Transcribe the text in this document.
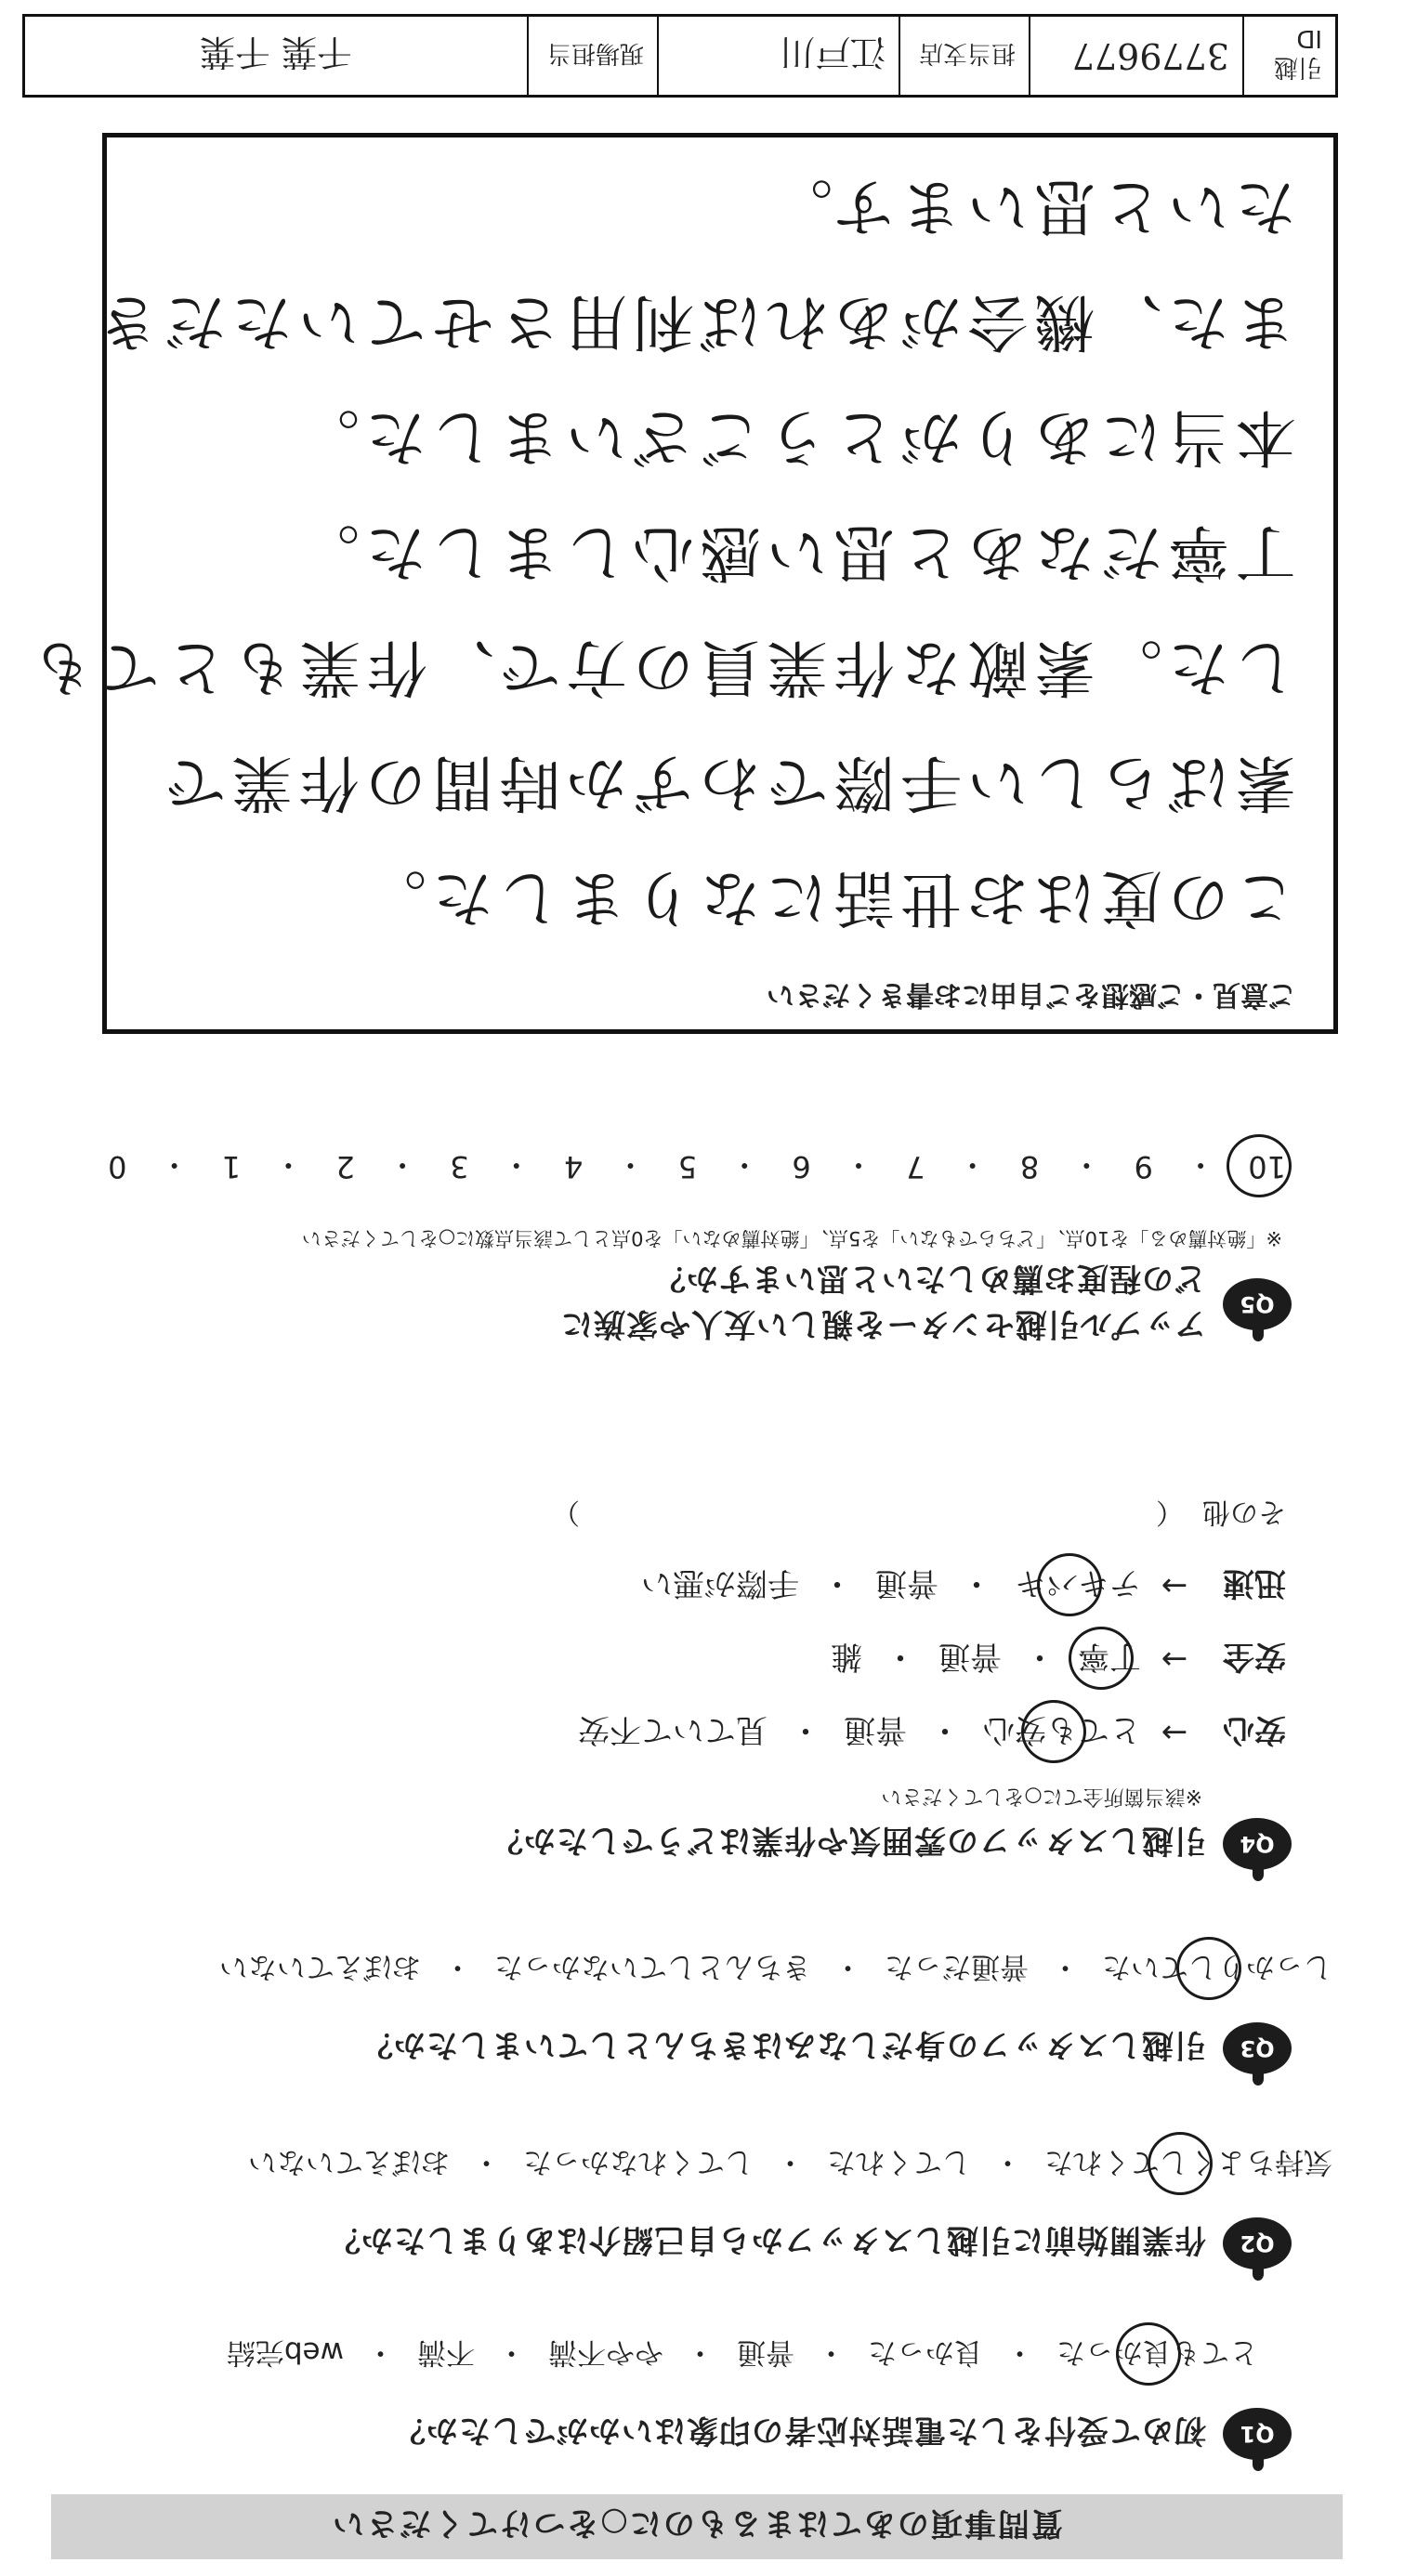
質問事項のあてはまるものに○をつけてください
Q1
初めて受付をした電話対応者の印象はいかがでしたか？
とても良かった
・
良かった
・
普通
・
やや不満
・
不満
・
web完結
Q2
作業開始前に引越しスタッフから自己紹介はありましたか？
気持ちよくしてくれた
・
してくれた
・
してくれなかった
・
おぼえていない
Q3
引越しスタッフの身だしなみはきちんとしていましたか？
しっかりしていた
・
普通だった
・
きちんとしていなかった
・
おぼえていない
Q4
引越しスタッフの雰囲気や作業はどうでしたか？
※該当箇所全てに○をしてください
安心
→
とても安心
・
普通
・
見ていて不安
安全
→
丁寧
・
普通
・
雑
迅速
→
テキパキ
・
普通
・
手際が悪い
その他
（
）
Q5
アップル引越センターを親しい友人や家族に
どの程度お薦めしたいと思いますか？
※「絶対薦める」を10点、「どちらでもない」を5点、「絶対薦めない」を0点として該当点数に○をしてください
10
・
9
・
8
・
7
・
6
・
5
・
4
・
3
・
2
・
1
・
0
ご意見・ご感想をご自由にお書きください
この度はお世話になりました。
素ばらしい手際でわずか時間の作業で
した。素敵な作業員の方で、作業もとても
丁寧だなあと思い感心しました。
本当にありがとうございました。
また、機会があれば利用させていただき
たいと思います。
引越ID
3779677
担当支店
江戸川
現場担当
千葉 千葉
